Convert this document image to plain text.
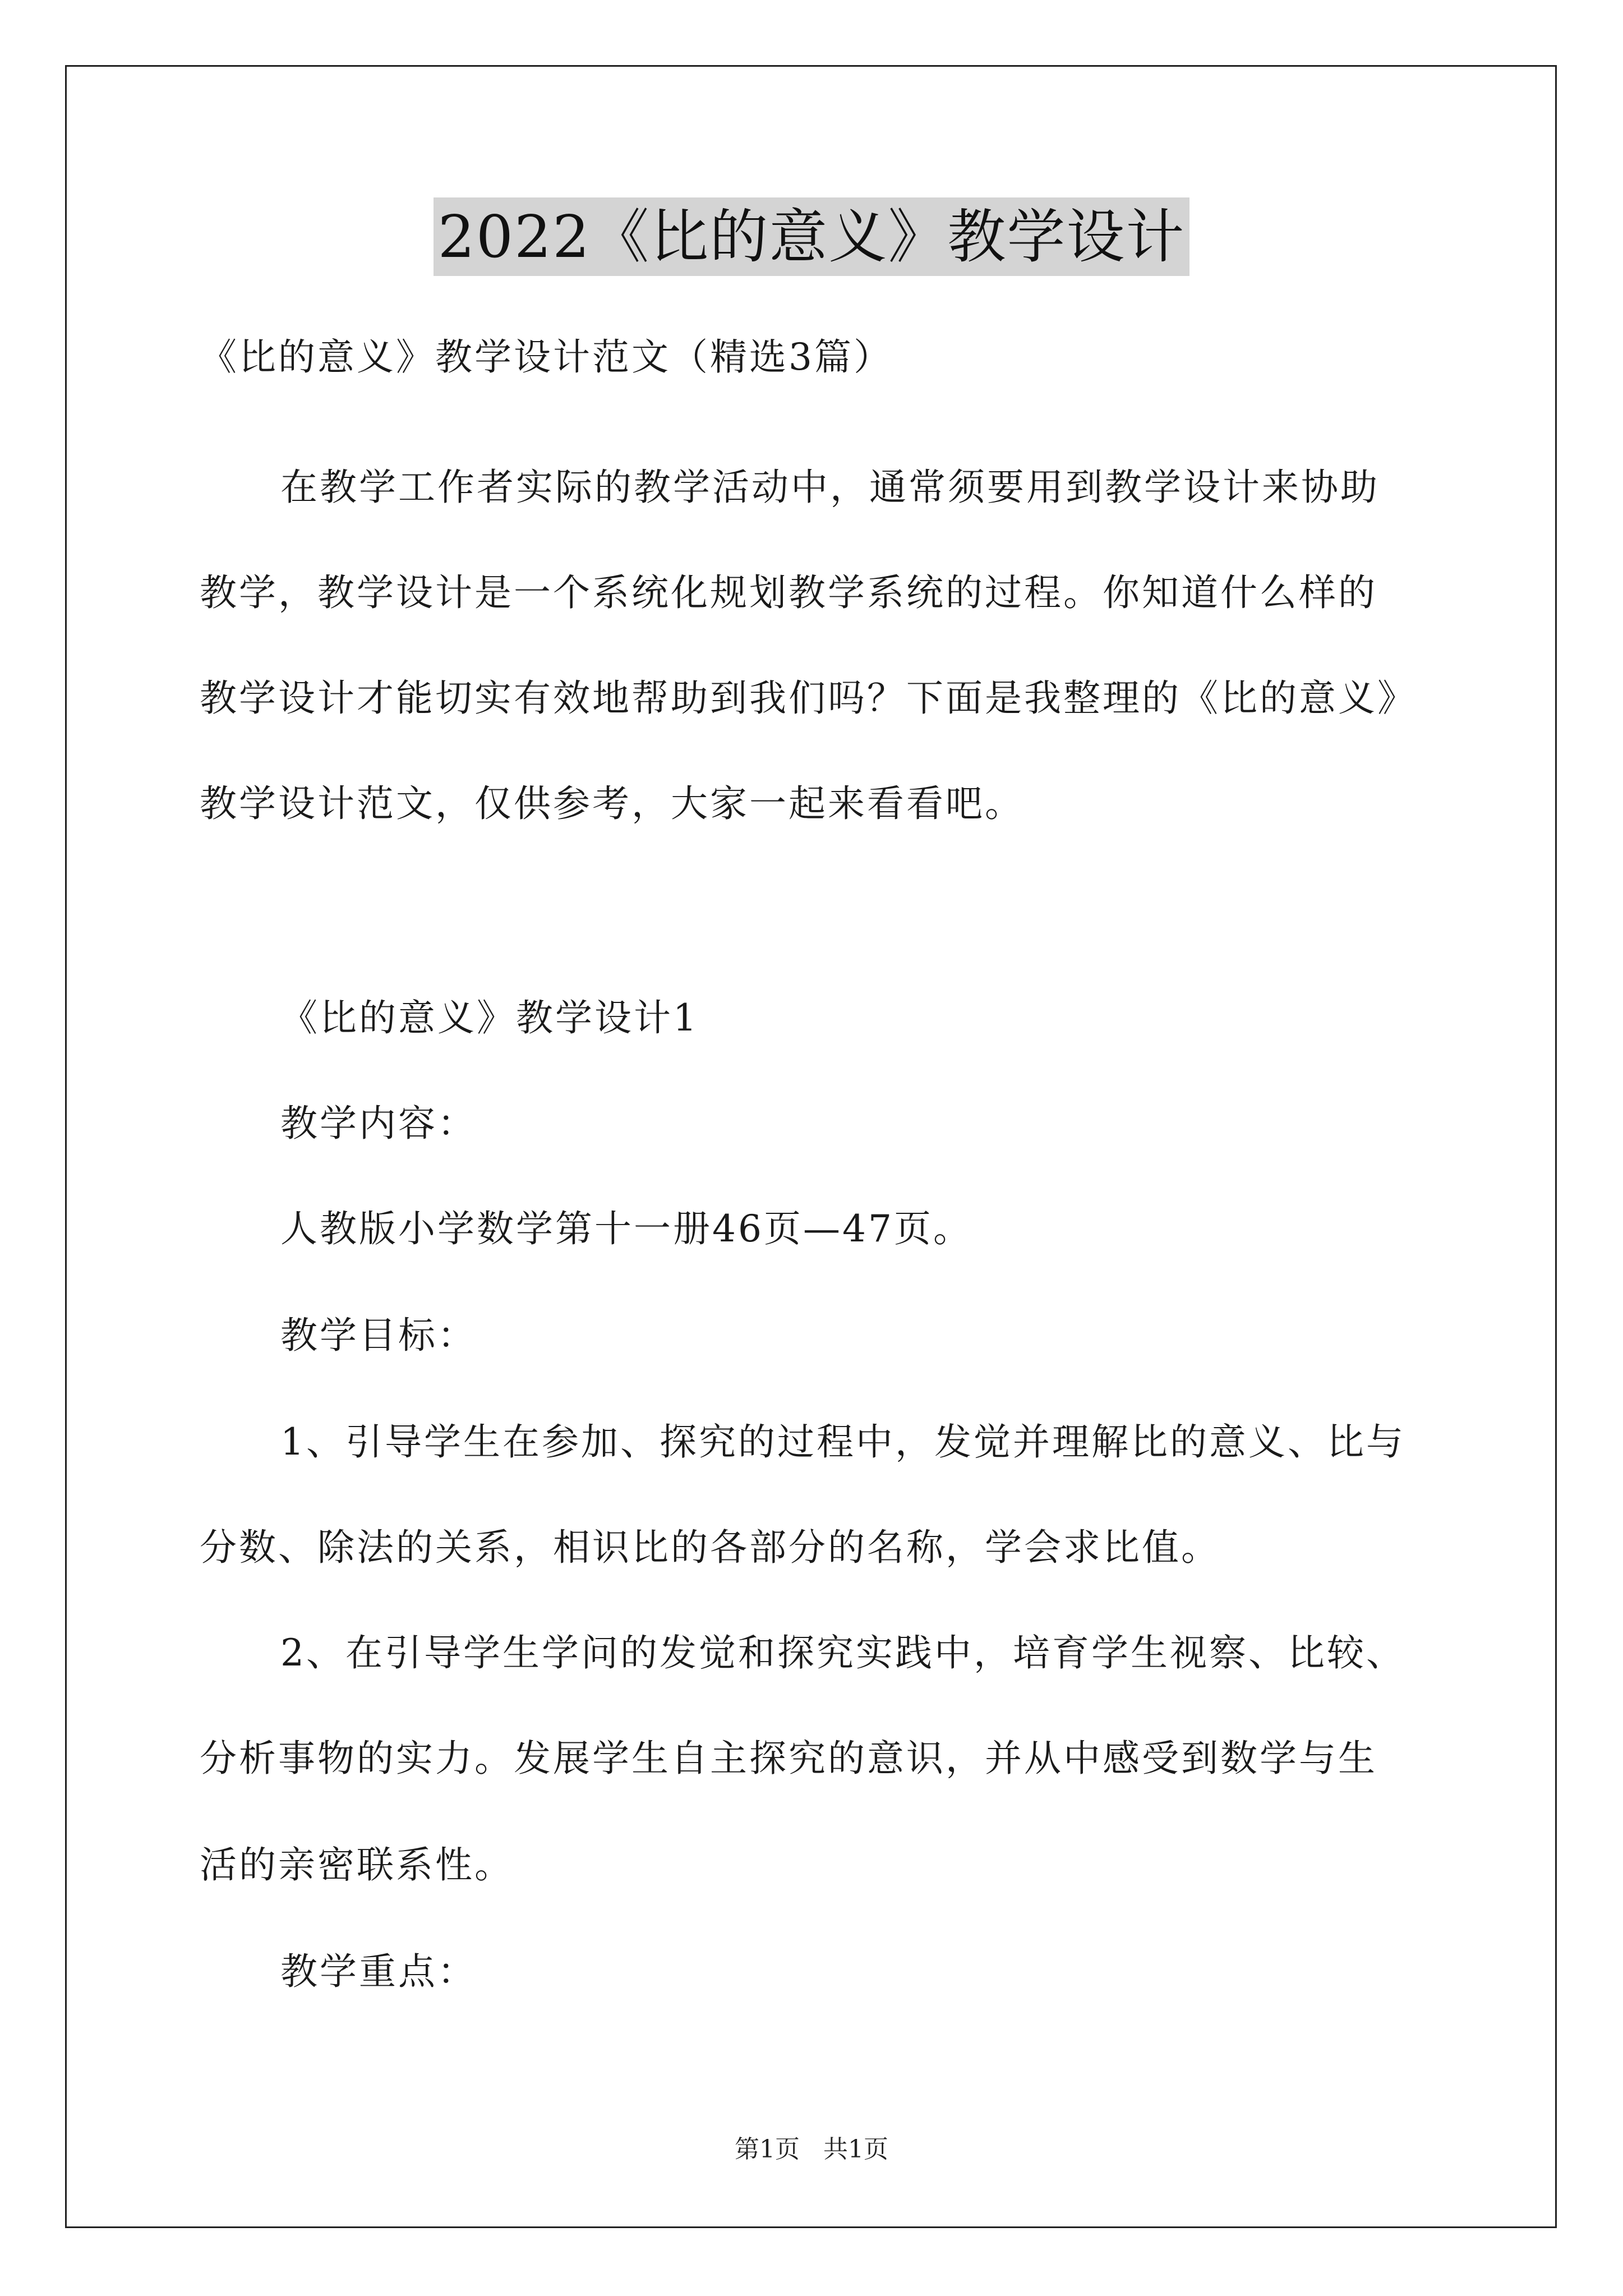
2022《比的意义》教学设计
《比的意义》教学设计范文（精选3篇）
在教学工作者实际的教学活动中，通常须要用到教学设计来协助
教学，教学设计是一个系统化规划教学系统的过程。你知道什么样的
教学设计才能切实有效地帮助到我们吗？下面是我整理的《比的意义》
教学设计范文，仅供参考，大家一起来看看吧。
《比的意义》教学设计1
教学内容：
人教版小学数学第十一册46页—47页。
教学目标：
1、引导学生在参加、探究的过程中，发觉并理解比的意义、比与
分数、除法的关系，相识比的各部分的名称，学会求比值。
2、在引导学生学问的发觉和探究实践中，培育学生视察、比较、
分析事物的实力。发展学生自主探究的意识，并从中感受到数学与生
活的亲密联系性。
教学重点：
第1页   共1页
